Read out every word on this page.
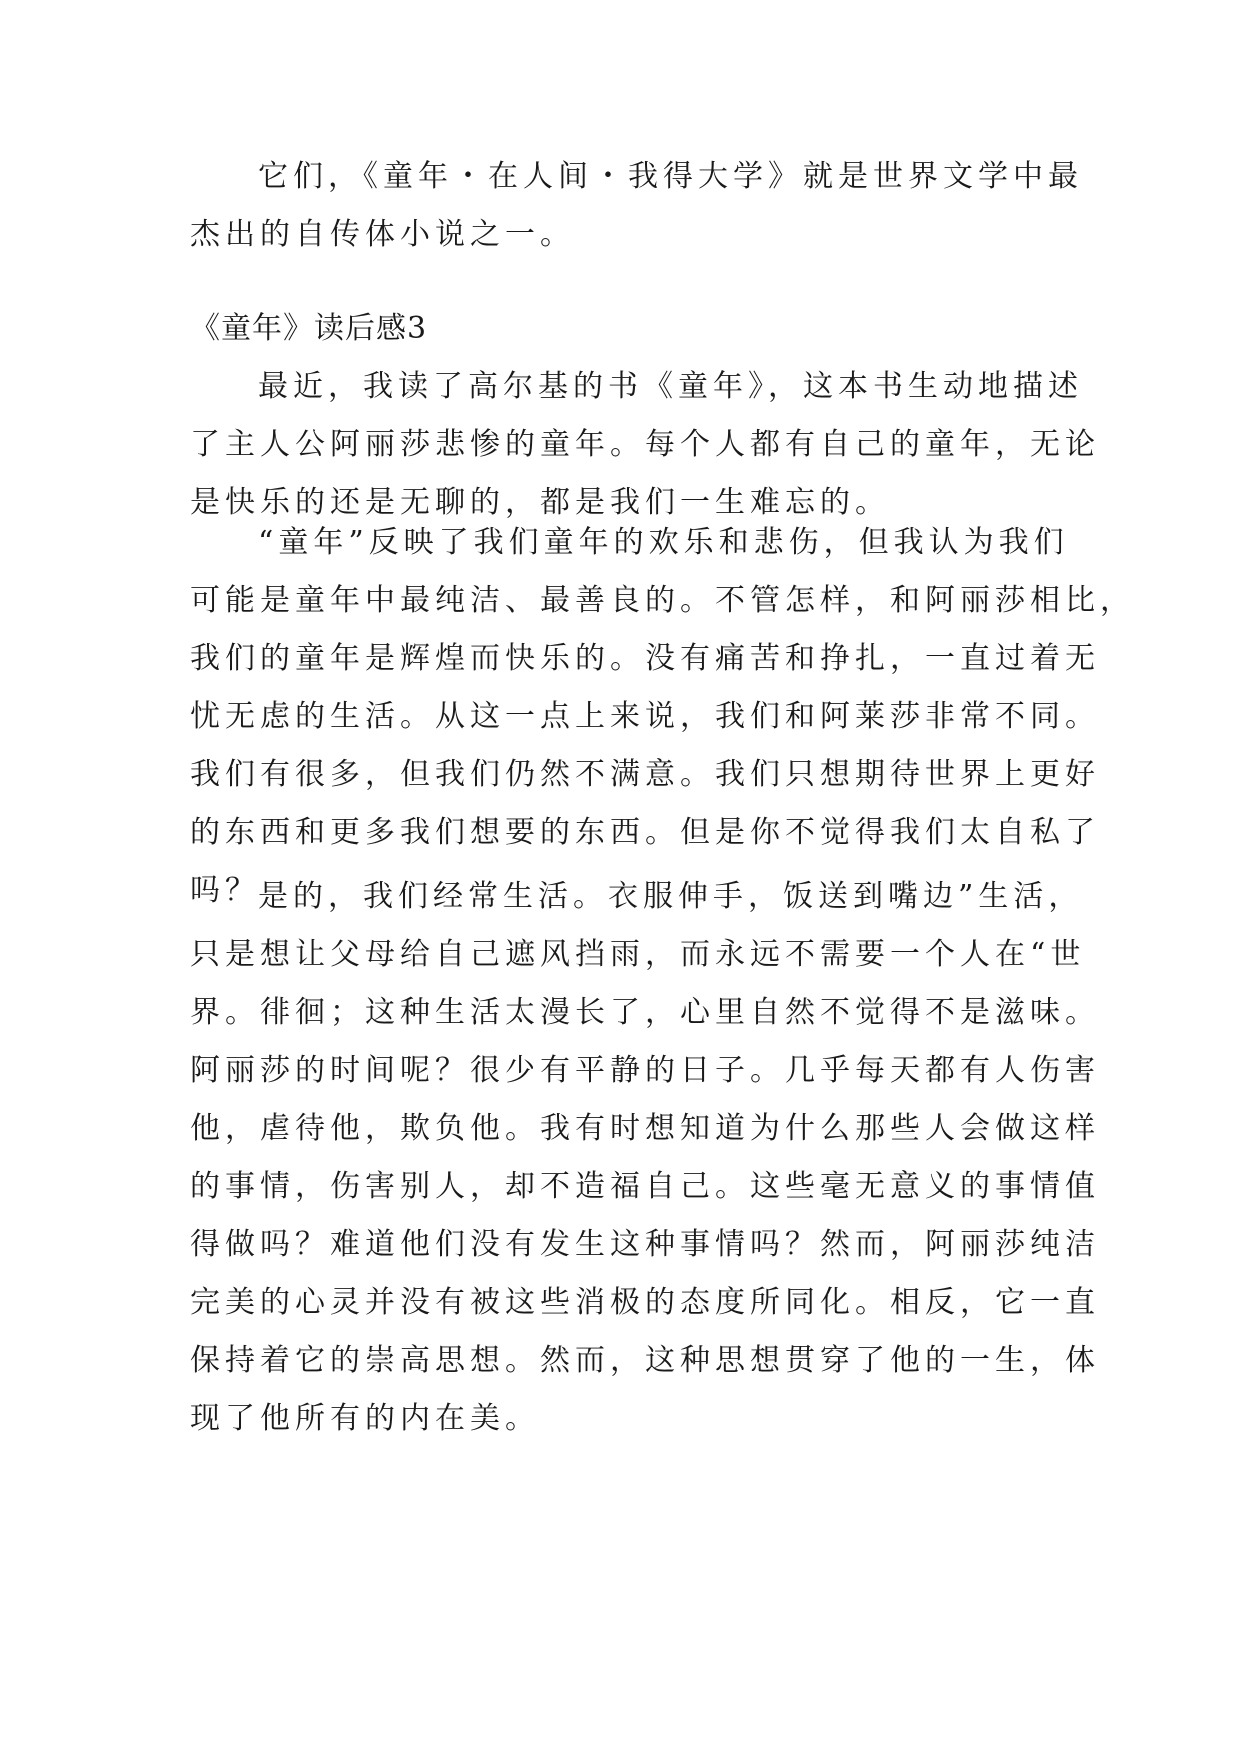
它们，《童年・在人间・我得大学》就是世界文学中最
杰出的自传体小说之一。
《童年》读后感3
最近，我读了高尔基的书《童年》，这本书生动地描述
了主人公阿丽莎悲惨的童年。每个人都有自己的童年，无论
是快乐的还是无聊的，都是我们一生难忘的。
“童年”反映了我们童年的欢乐和悲伤，但我认为我们
可能是童年中最纯洁、最善良的。不管怎样，和阿丽莎相比，
我们的童年是辉煌而快乐的。没有痛苦和挣扎，一直过着无
忧无虑的生活。从这一点上来说，我们和阿莱莎非常不同。
我们有很多，但我们仍然不满意。我们只想期待世界上更好
的东西和更多我们想要的东西。但是你不觉得我们太自私了
吗？
是的，我们经常生活。衣服伸手，饭送到嘴边”生活，
只是想让父母给自己遮风挡雨，而永远不需要一个人在“世
界。徘徊；这种生活太漫长了，心里自然不觉得不是滋味。
阿丽莎的时间呢？很少有平静的日子。几乎每天都有人伤害
他，虐待他，欺负他。我有时想知道为什么那些人会做这样
的事情，伤害别人，却不造福自己。这些毫无意义的事情值
得做吗？难道他们没有发生这种事情吗？然而，阿丽莎纯洁
完美的心灵并没有被这些消极的态度所同化。相反，它一直
保持着它的崇高思想。然而，这种思想贯穿了他的一生，体
现了他所有的内在美。
